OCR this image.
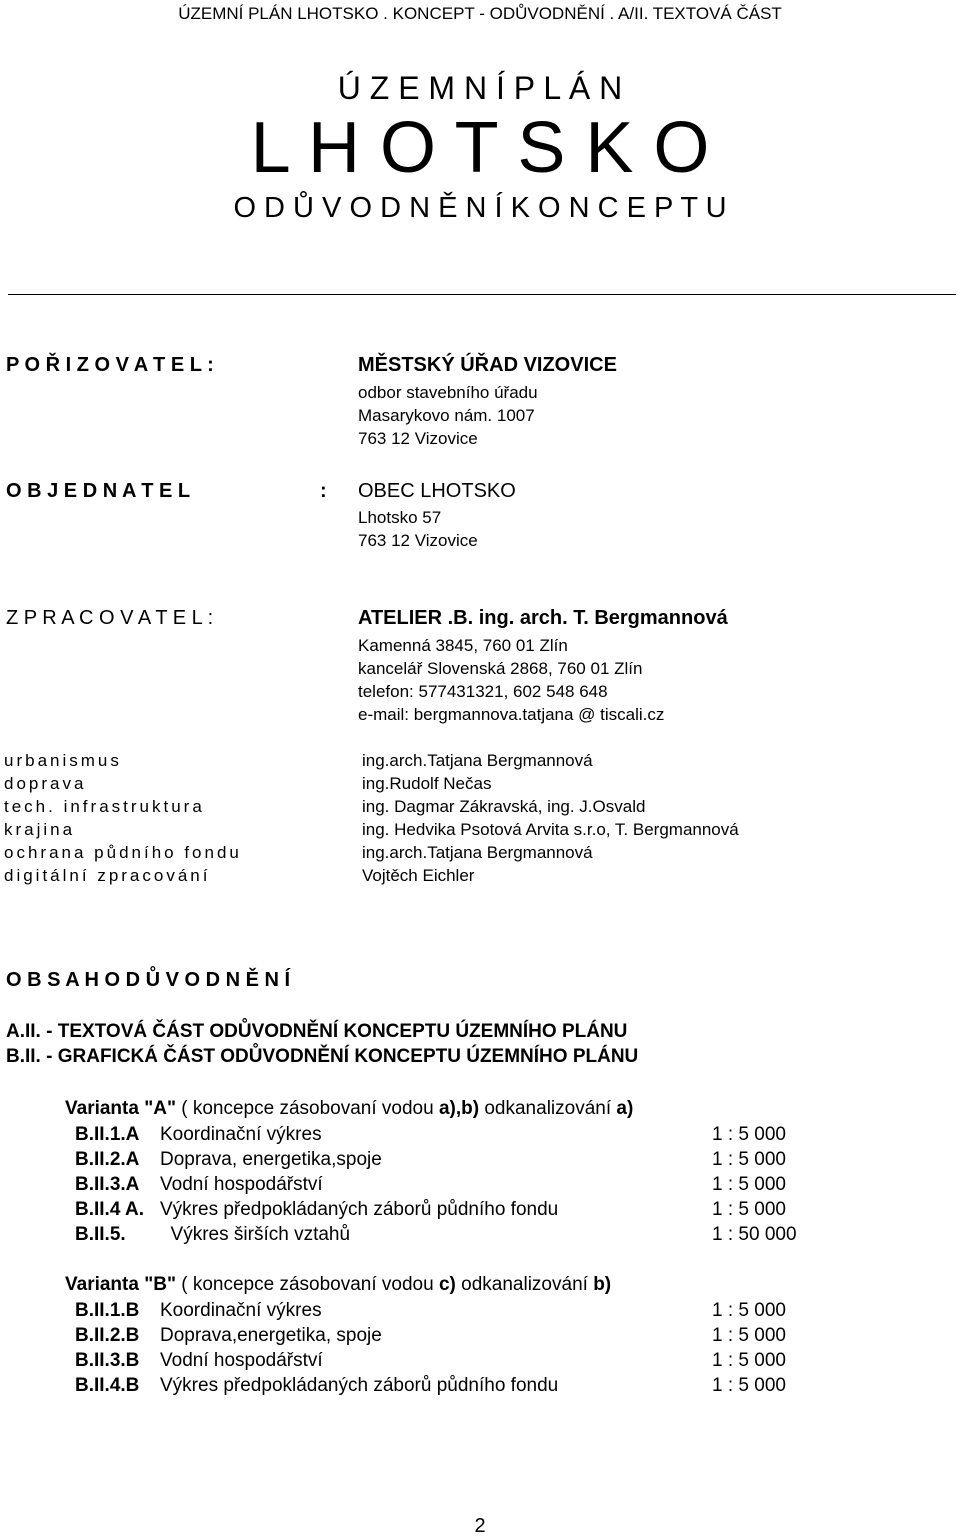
ÚZEMNÍ PLÁN LHOTSKO . KONCEPT - ODŮVODNĚNÍ . A/II. TEXTOVÁ ČÁST
Ú Z E M N Í P L Á N
L H O T S K O
O D Ů V O D N Ě N Í K O N C E P T U
P O Ř I Z O V A T E L :	MĚSTSKÝ ÚŘAD VIZOVICE
odbor stavebního úřadu
Masarykovo nám. 1007
763 12 Vizovice
O B J E D N A T E L	: OBEC LHOTSKO
Lhotsko 57
763 12 Vizovice
Z P R A C O V A T E L :	ATELIER .B. ing. arch. T. Bergmannová
Kamenná 3845, 760 01 Zlín
kancelář Slovenská 2868, 760 01 Zlín
telefon: 577431321, 602 548 648
e-mail: bergmannova.tatjana @ tiscali.cz
urbanismus	ing.arch.Tatjana Bergmannová
doprava	ing.Rudolf Nečas
tech. infrastruktura	ing. Dagmar Zákravská, ing. J.Osvald
krajina	ing. Hedvika Psotová Arvita s.r.o, T. Bergmannová
ochrana půdního fondu	ing.arch.Tatjana Bergmannová
digitální zpracování	Vojtěch Eichler
O B S A H O D Ů V O D N Ě N Í
A.II. - TEXTOVÁ ČÁST ODŮVODNĚNÍ KONCEPTU ÚZEMNÍHO PLÁNU
B.II. - GRAFICKÁ ČÁST ODŮVODNĚNÍ KONCEPTU ÚZEMNÍHO PLÁNU
Varianta "A" ( koncepce zásobovaní vodou a),b) odkanalizování a)
B.II.1.A Koordinační výkres	1 : 5 000
B.II.2.A Doprava, energetika,spoje	1 : 5 000
B.II.3.A Vodní hospodářství	1 : 5 000
B.II.4 A. Výkres předpokládaných záborů půdního fondu	1 : 5 000
B.II.5.  Výkres širších vztahů	1 : 50 000
Varianta "B" ( koncepce zásobovaní vodou c) odkanalizování b)
B.II.1.B Koordinační výkres	1 : 5 000
B.II.2.B Doprava,energetika, spoje	1 : 5 000
B.II.3.B Vodní hospodářství	1 : 5 000
B.II.4.B Výkres předpokládaných záborů půdního fondu	1 : 5 000
2
